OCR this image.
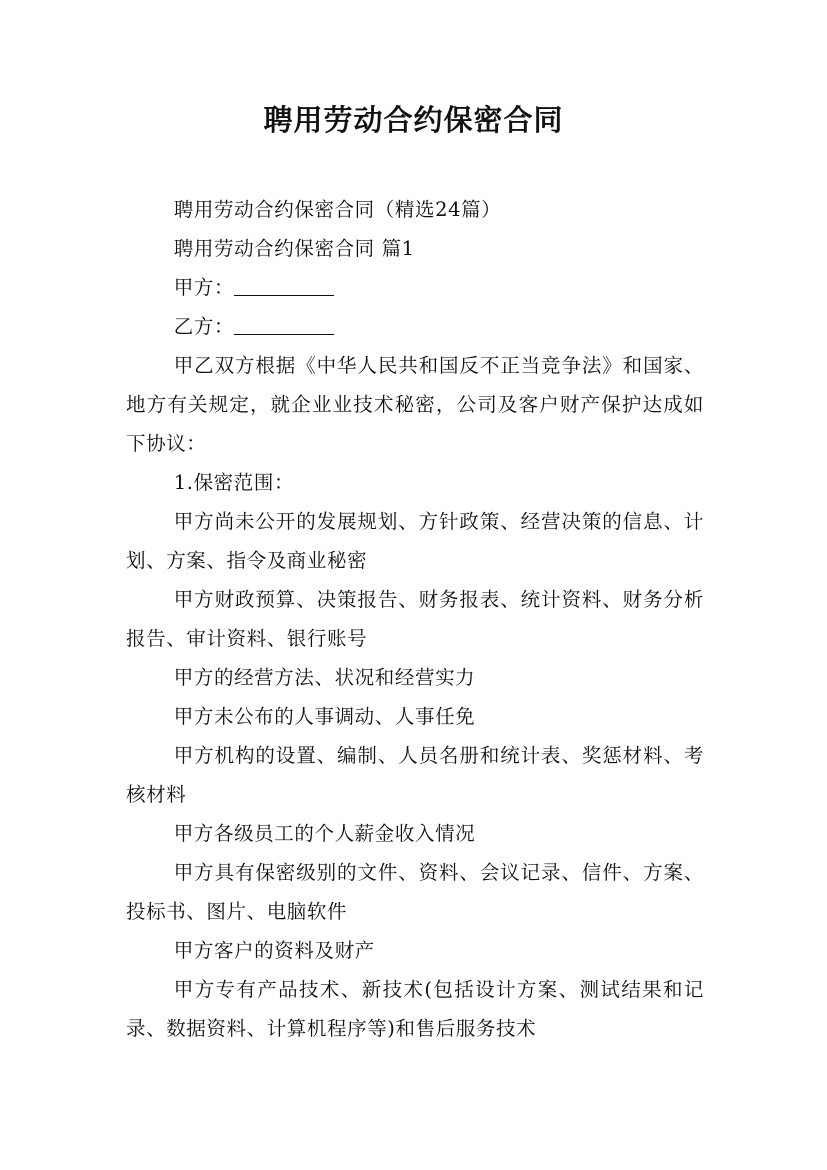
聘用劳动合约保密合同

聘用劳动合约保密合同（精选24篇）

聘用劳动合约保密合同 篇1

甲方：

乙方：

甲乙双方根据《中华人民共和国反不正当竞争法》和国家、地方有关规定，就企业业技术秘密，公司及客户财产保护达成如下协议：

1.保密范围：

甲方尚未公开的发展规划、方针政策、经营决策的信息、计划、方案、指令及商业秘密

甲方财政预算、决策报告、财务报表、统计资料、财务分析报告、审计资料、银行账号

甲方的经营方法、状况和经营实力

甲方未公布的人事调动、人事任免

甲方机构的设置、编制、人员名册和统计表、奖惩材料、考核材料

甲方各级员工的个人薪金收入情况

甲方具有保密级别的文件、资料、会议记录、信件、方案、投标书、图片、电脑软件

甲方客户的资料及财产

甲方专有产品技术、新技术(包括设计方案、测试结果和记录、数据资料、计算机程序等)和售后服务技术
